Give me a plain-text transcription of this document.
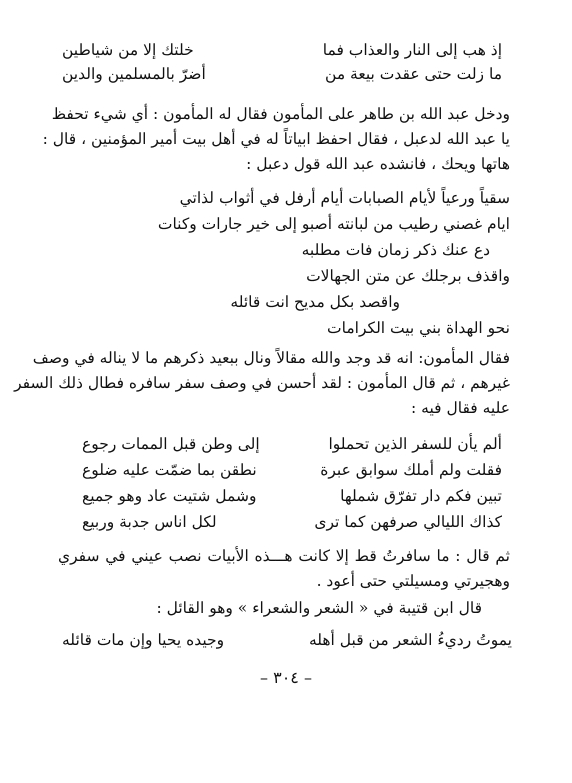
إذ هب إلى النار والعذاب فما
خلتك إلا من شياطين
ما زلت حتى عقدت بيعة من
أضرّ بالمسلمين والدين
ودخل عبد الله بن طاهر على المأمون فقال له المأمون : أي شيء تحفظ
يا عبد الله لدعبل ، فقال احفظ ابياتاً له في أهل بيت أمير المؤمنين ، قال :
هاتها ويحك ، فانشده عبد الله قول دعبل :
سقياً ورعياً لأيام الصبابات أيام أرفل في أثواب لذاتي
ايام غصني رطيب من لبانته أصبو إلى خير جارات وكنات
دع عنك ذكر زمان فات مطلبه
واقذف برجلك عن متن الجهالات
واقصد بكل مديح انت قائله
نحو الهداة بني بيت الكرامات
فقال المأمون: انه قد وجد والله مقالاً ونال ببعيد ذكرهم ما لا يناله في وصف
غيرهم ، ثم قال المأمون : لقد أحسن في وصف سفر سافره فطال ذلك السفر
عليه فقال فيه :
ألم يأن للسفر الذين تحملوا
إلى وطن قبل الممات رجوع
فقلت ولم أملك سوابق عبرة
نطقن بما ضمّت عليه ضلوع
تبين فكم دار تفرّق شملها
وشمل شتيت عاد وهو جميع
كذاك الليالي صرفهن كما ترى
لكل اناس جدبة وربيع
ثم قال : ما سافرتُ قط إلا كانت هـــذه الأبيات نصب عيني في سفري
وهجيرتي ومسيلتي حتى أعود .
قال ابن قتيبة في « الشعر والشعراء » وهو القائل :
يموتُ رديءُ الشعر من قبل أهله
وجيده يحيا وإن مات قائله
– ٣٠٤ –
